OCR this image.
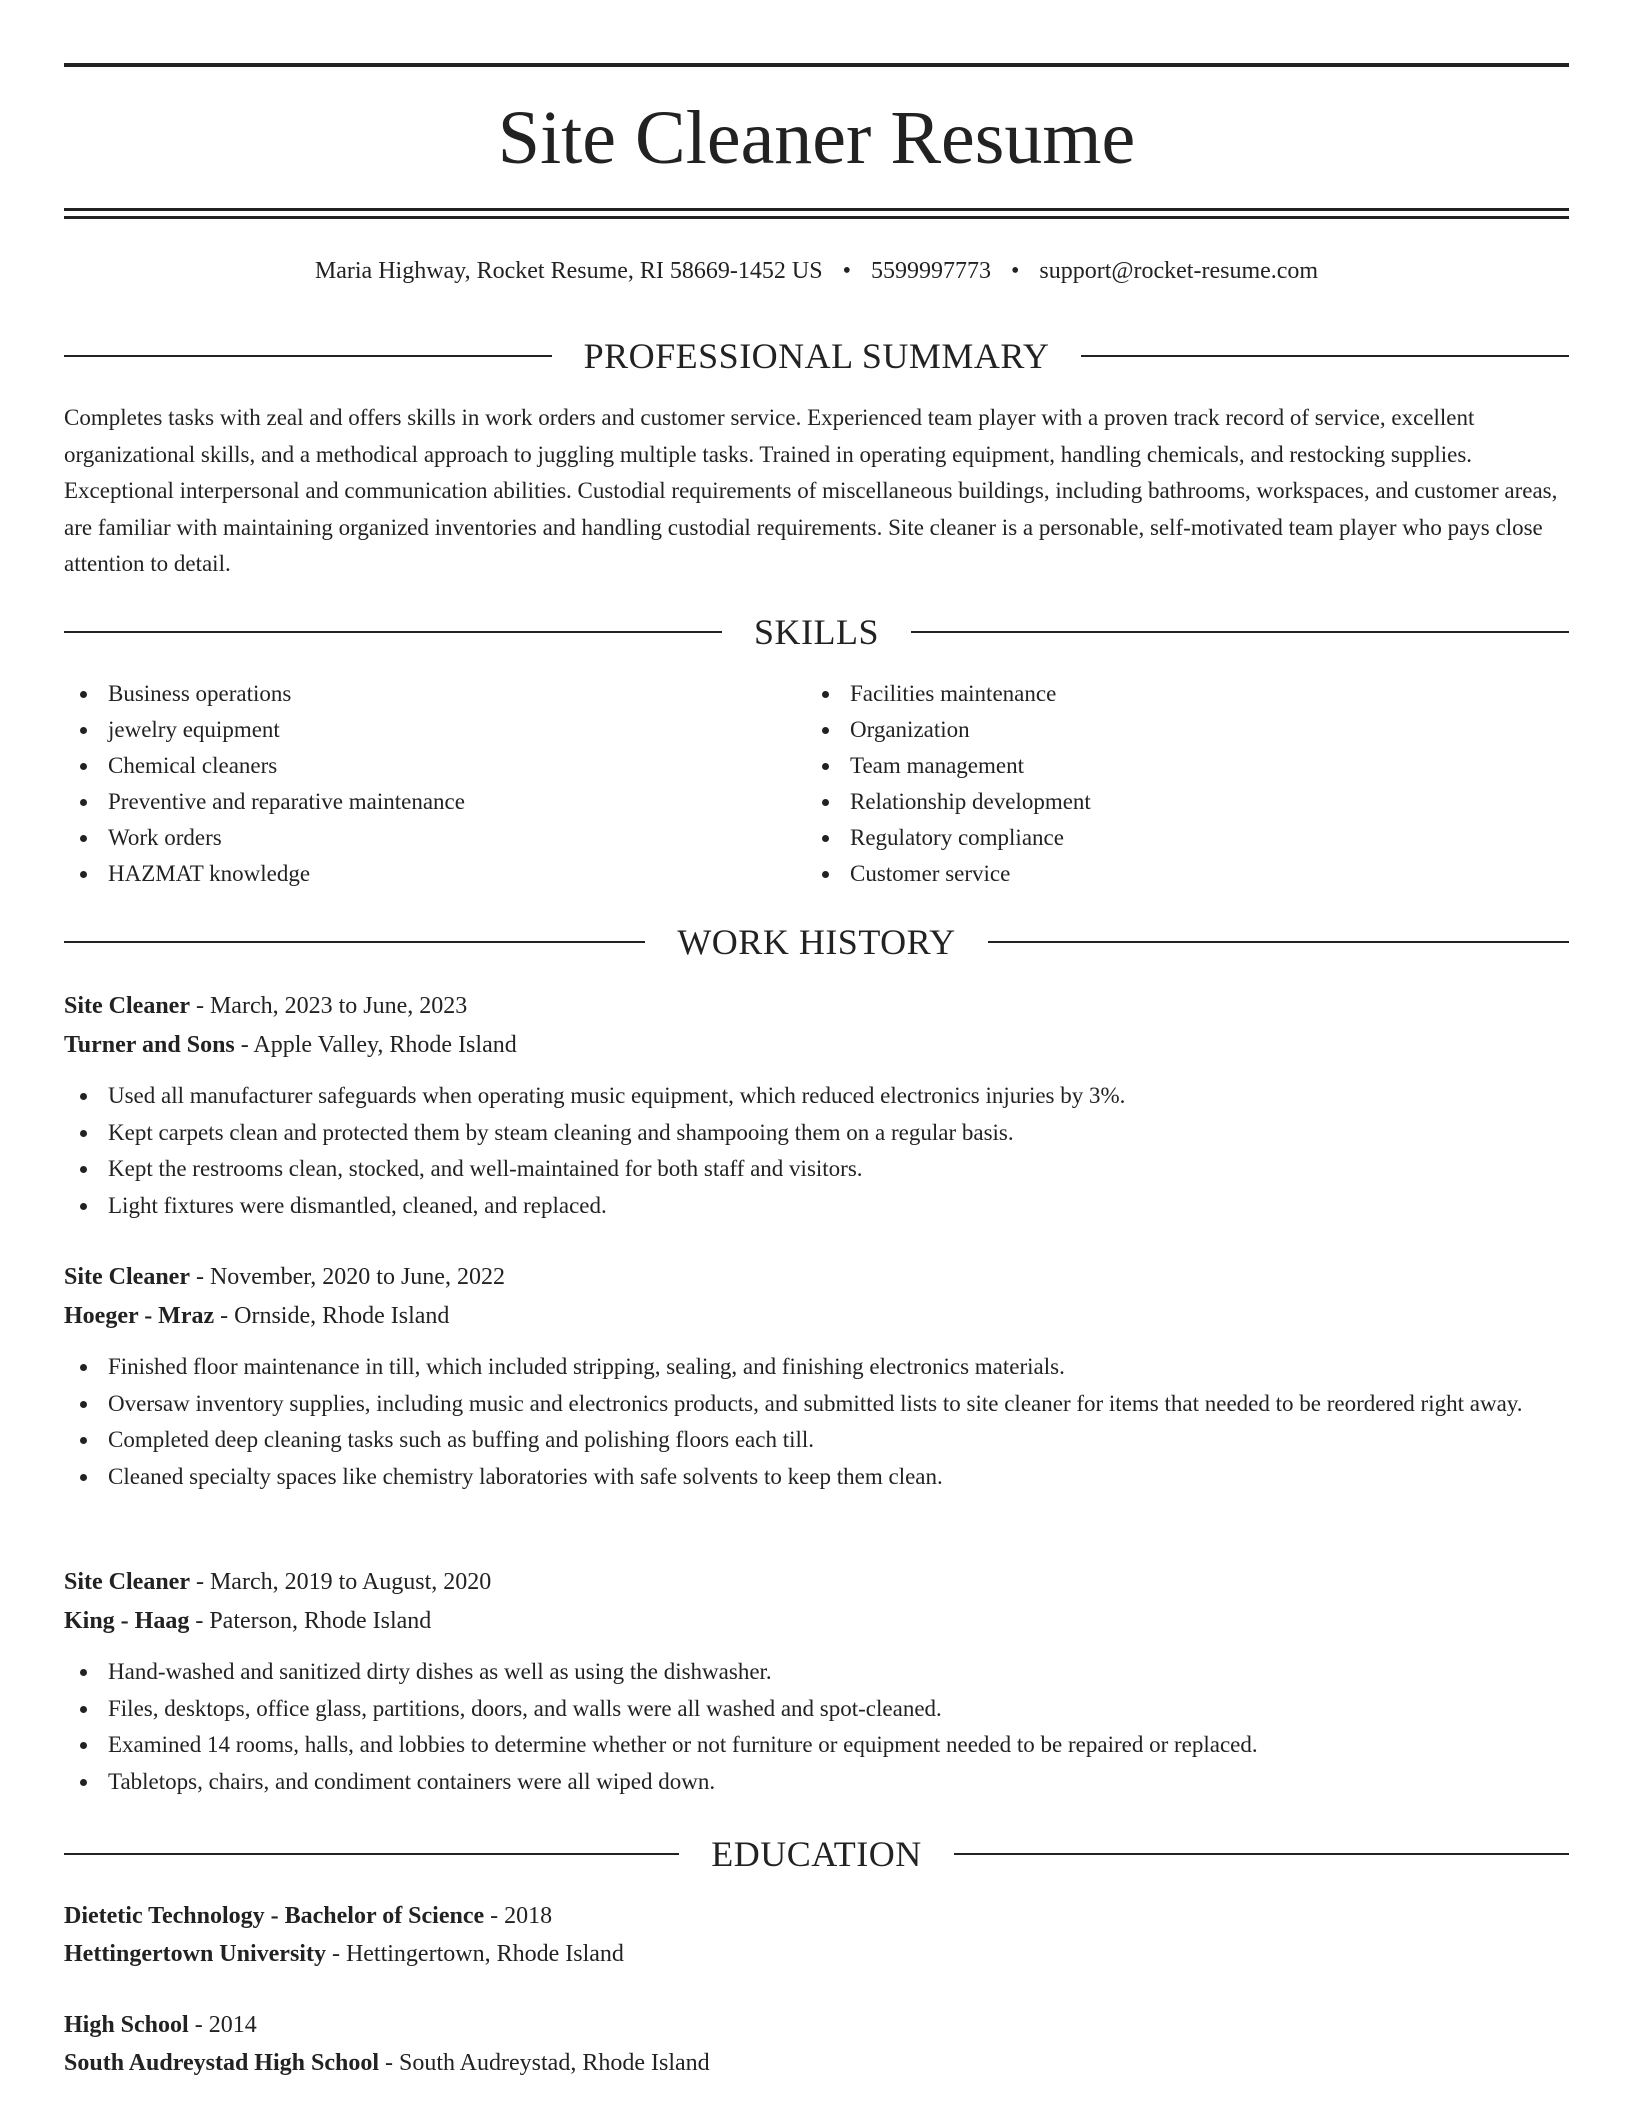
Site Cleaner Resume
Maria Highway, Rocket Resume, RI 58669-1452 US • 5599997773 • support@rocket-resume.com
PROFESSIONAL SUMMARY
Completes tasks with zeal and offers skills in work orders and customer service. Experienced team player with a proven track record of service, excellent organizational skills, and a methodical approach to juggling multiple tasks. Trained in operating equipment, handling chemicals, and restocking supplies. Exceptional interpersonal and communication abilities. Custodial requirements of miscellaneous buildings, including bathrooms, workspaces, and customer areas, are familiar with maintaining organized inventories and handling custodial requirements. Site cleaner is a personable, self-motivated team player who pays close attention to detail.
SKILLS
Business operations
jewelry equipment
Chemical cleaners
Preventive and reparative maintenance
Work orders
HAZMAT knowledge
Facilities maintenance
Organization
Team management
Relationship development
Regulatory compliance
Customer service
WORK HISTORY
Site Cleaner - March, 2023 to June, 2023
Turner and Sons - Apple Valley, Rhode Island
Used all manufacturer safeguards when operating music equipment, which reduced electronics injuries by 3%.
Kept carpets clean and protected them by steam cleaning and shampooing them on a regular basis.
Kept the restrooms clean, stocked, and well-maintained for both staff and visitors.
Light fixtures were dismantled, cleaned, and replaced.
Site Cleaner - November, 2020 to June, 2022
Hoeger - Mraz - Ornside, Rhode Island
Finished floor maintenance in till, which included stripping, sealing, and finishing electronics materials.
Oversaw inventory supplies, including music and electronics products, and submitted lists to site cleaner for items that needed to be reordered right away.
Completed deep cleaning tasks such as buffing and polishing floors each till.
Cleaned specialty spaces like chemistry laboratories with safe solvents to keep them clean.
Site Cleaner - March, 2019 to August, 2020
King - Haag - Paterson, Rhode Island
Hand-washed and sanitized dirty dishes as well as using the dishwasher.
Files, desktops, office glass, partitions, doors, and walls were all washed and spot-cleaned.
Examined 14 rooms, halls, and lobbies to determine whether or not furniture or equipment needed to be repaired or replaced.
Tabletops, chairs, and condiment containers were all wiped down.
EDUCATION
Dietetic Technology - Bachelor of Science - 2018
Hettingertown University - Hettingertown, Rhode Island
High School - 2014
South Audreystad High School - South Audreystad, Rhode Island
